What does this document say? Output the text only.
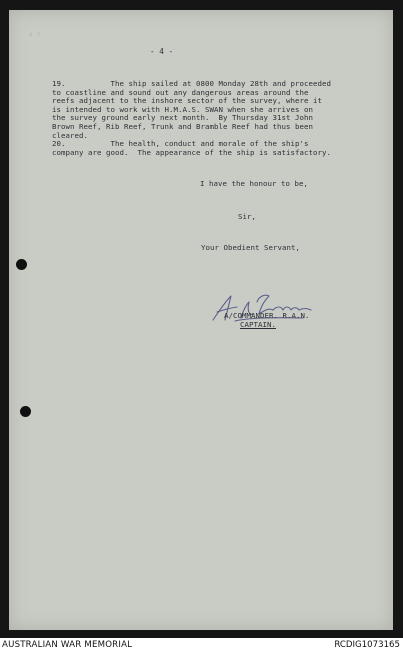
∴ ⁘
- 4 -
19.	The ship sailed at 0800 Monday 28th and proceeded
to coastline and sound out any dangerous areas around the
reefs adjacent to the inshore sector of the survey, where it
is intended to work with H.M.A.S. SWAN when she arrives on
the survey ground early next month.  By Thursday 31st John
Brown Reef, Rib Reef, Trunk and Bramble Reef had thus been
cleared.
20.	The health, conduct and morale of the ship's
company are good.  The appearance of the ship is satisfactory.
I have the honour to be,
Sir,
Your Obedient Servant,
A/COMMANDER. R.A.N.
CAPTAIN.
AUSTRALIAN WAR MEMORIAL	RCDIG1073165
